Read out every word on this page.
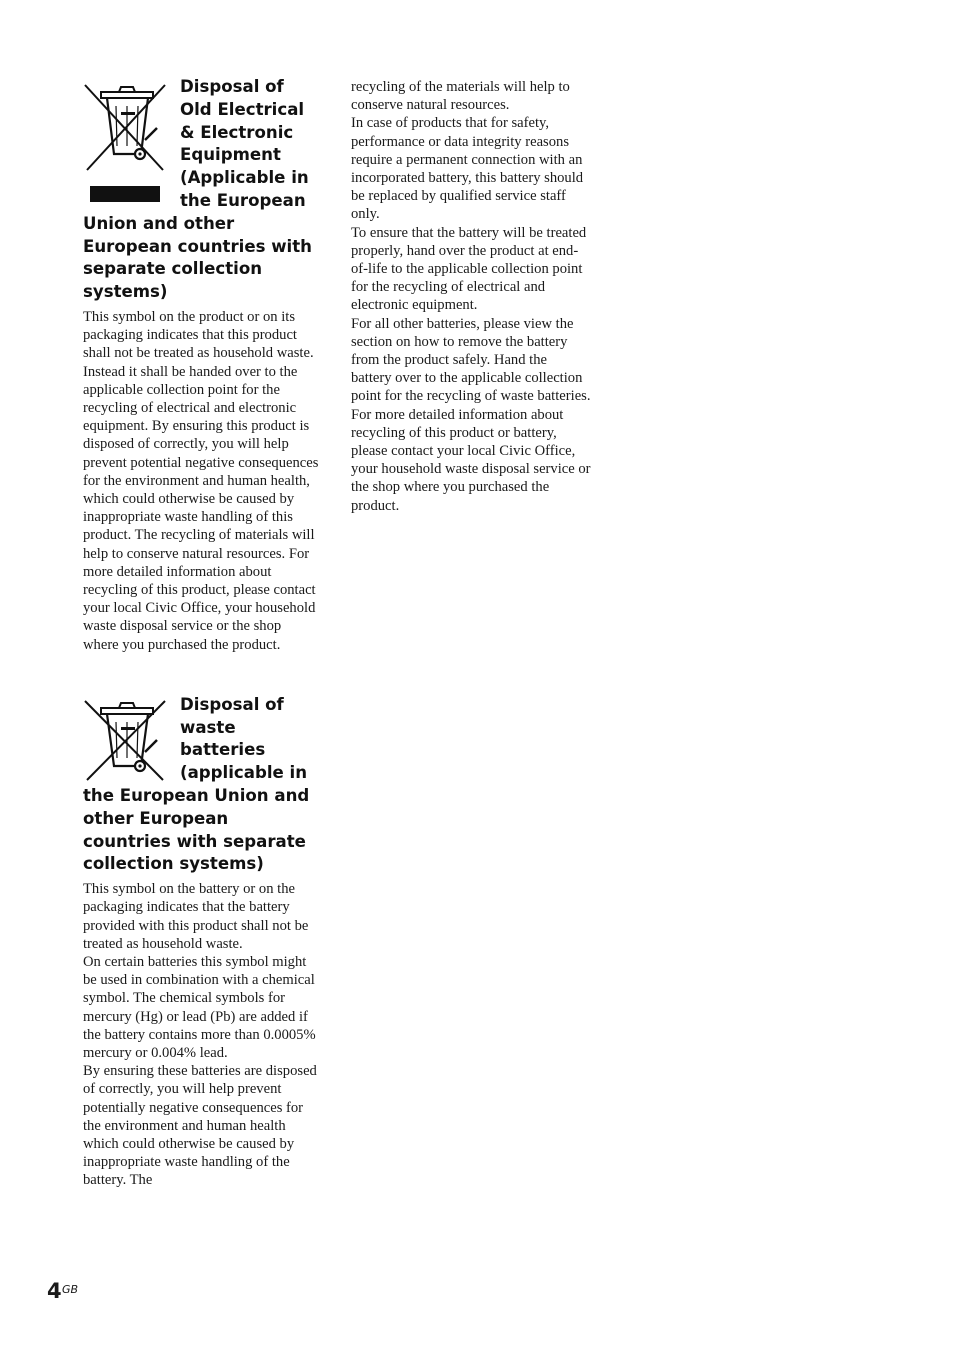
Disposal of Old Electrical & Electronic Equipment (Applicable in the European Union and other European countries with separate collection systems)

This symbol on the product or on its packaging indicates that this product shall not be treated as household waste. Instead it shall be handed over to the applicable collection point for the recycling of electrical and electronic equipment. By ensuring this product is disposed of correctly, you will help prevent potential negative consequences for the environment and human health, which could otherwise be caused by inappropriate waste handling of this product. The recycling of materials will help to conserve natural resources. For more detailed information about recycling of this product, please contact your local Civic Office, your household waste disposal service or the shop where you purchased the product.

Disposal of waste batteries (applicable in the European Union and other European countries with separate collection systems)

This symbol on the battery or on the packaging indicates that the battery provided with this product shall not be treated as household waste.

On certain batteries this symbol might be used in combination with a chemical symbol. The chemical symbols for mercury (Hg) or lead (Pb) are added if the battery contains more than 0.0005% mercury or 0.004% lead.

By ensuring these batteries are disposed of correctly, you will help prevent potentially negative consequences for the environment and human health which could otherwise be caused by inappropriate waste handling of the battery. The

recycling of the materials will help to conserve natural resources.

In case of products that for safety, performance or data integrity reasons require a permanent connection with an incorporated battery, this battery should be replaced by qualified service staff only.

To ensure that the battery will be treated properly, hand over the product at end-of-life to the applicable collection point for the recycling of electrical and electronic equipment.

For all other batteries, please view the section on how to remove the battery from the product safely. Hand the battery over to the applicable collection point for the recycling of waste batteries.

For more detailed information about recycling of this product or battery, please contact your local Civic Office, your household waste disposal service or the shop where you purchased the product.

4 GB
